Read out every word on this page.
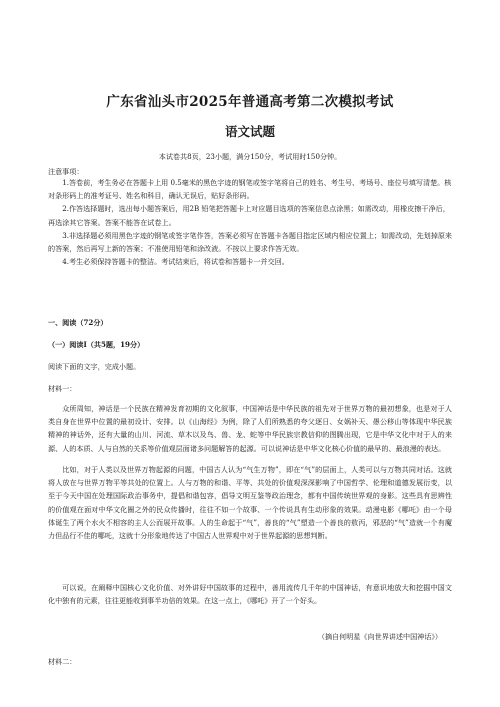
广东省汕头市2025年普通高考第二次模拟考试
语文试题
本试卷共8页，23小题，满分150分，考试用时150分钟。
注意事项：

1.答卷前，考生务必在答题卡上用 0.5毫米的黑色字迹的钢笔或签字笔将自己的姓名、考生号、考场号、座位号填写清楚。核对条形码上的准考证号、姓名和科目，确认无误后，贴好条形码。

2.作答选择题时，选出每小题答案后，用2B 铅笔把答题卡上对应题目选项的答案信息点涂黑；如需改动，用橡皮擦干净后，再选涂其它答案。答案不能答在试卷上。

3.非选择题必须用黑色字迹的钢笔或签字笔作答，答案必须写在答题卡各题目指定区域内相应位置上；如需改动，先划掉原来的答案，然后再写上新的答案；不准使用铅笔和涂改液。不按以上要求作答无效。

4.考生必须保持答题卡的整洁。考试结束后，将试卷和答题卡一并交回。

一、阅读（72分）
（一）阅读Ⅰ（共5题，19分）
阅读下面的文字，完成小题。
材料一：

众所周知，神话是一个民族在精神发育初期的文化叙事，中国神话是中华民族的祖先对于世界万物的最初想象，也是对于人类自身在世界中位置的最初设计、安排。以《山海经》为例，除了人们所熟悉的夸父逐日、女娲补天、愚公移山等体现中华民族精神的神话外，还有大量的山川、河流、草木以及鸟、兽、龙、蛇等中华民族宗教信仰的图腾出现，它是中华文化中对于人的来源、人的本质、人与自然的关系等价值观层面诸多问题解答的起源。可以说神话是中华文化核心价值的最早的、最浪漫的表达。

比如，对于人类以及世界万物起源的问题，中国古人认为“气生万物”，即在“气”的层面上，人类可以与万物共同对话。这就将人放在与世界万物平等共处的位置上。人与万物的和谐、平等、共处的价值观深深影响了中国哲学、伦理和道德发展衍变，以至于今天中国在处理国际政治事务中，提倡和谐包容，倡导文明互鉴等政治理念，都有中国传统世界观的身影。这些具有思辨性的价值观在面对中华文化圈之外的民众传播时，往往不如一个故事、一个传说具有生动形象的效果。动漫电影《哪吒》由一个母体诞生了两个水火不相容的主人公而展开故事。人的生命起于“气”，善良的“气”塑造一个善良的敖丙，邪恶的“气”造就一个有魔力但品行不佳的哪吒，这就十分形象地传达了中国古人世界观中对于世界起源的思想判断。

可以说，在阐释中国核心文化价值、对外讲好中国故事的过程中，善用流传几千年的中国神话，有意识地放大和挖掘中国文化中独有的元素，往往更能收到事半功倍的效果。在这一点上，《哪吒》开了一个好头。

（摘自何明星《向世界讲述中国神话》）
材料二：
